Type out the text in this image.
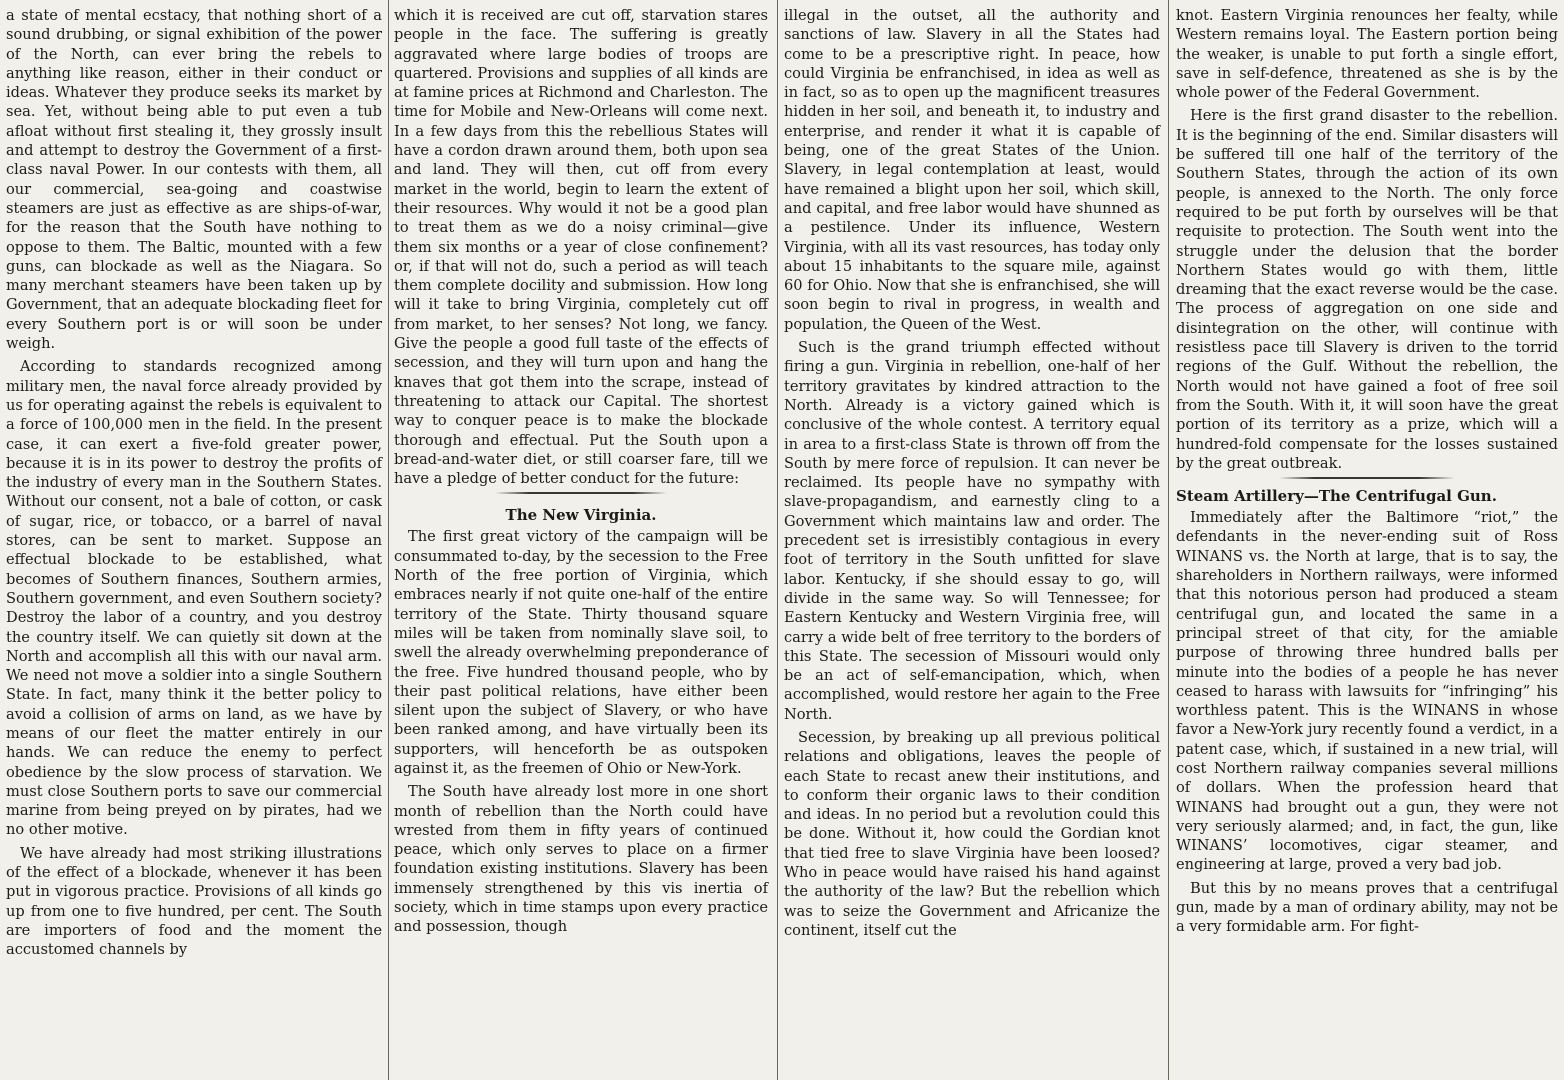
a state of mental ecstacy, that nothing short of a sound drubbing, or signal exhibition of the power of the North, can ever bring the rebels to anything like reason, either in their conduct or ideas. Whatever they produce seeks its market by sea. Yet, without being able to put even a tub afloat without first stealing it, they grossly insult and attempt to destroy the Government of a first-class naval Power. In our contests with them, all our commercial, sea-going and coastwise steamers are just as effective as are ships-of-war, for the reason that the South have nothing to oppose to them. The Baltic, mounted with a few guns, can blockade as well as the Niagara. So many merchant steamers have been taken up by Government, that an adequate blockading fleet for every Southern port is or will soon be under weigh.

According to standards recognized among military men, the naval force already provided by us for operating against the rebels is equivalent to a force of 100,000 men in the field. In the present case, it can exert a five-fold greater power, because it is in its power to destroy the profits of the industry of every man in the Southern States. Without our consent, not a bale of cotton, or cask of sugar, rice, or tobacco, or a barrel of naval stores, can be sent to market. Suppose an effectual blockade to be established, what becomes of Southern finances, Southern armies, Southern government, and even Southern society? Destroy the labor of a country, and you destroy the country itself. We can quietly sit down at the North and accomplish all this with our naval arm. We need not move a soldier into a single Southern State. In fact, many think it the better policy to avoid a collision of arms on land, as we have by means of our fleet the matter entirely in our hands. We can reduce the enemy to perfect obedience by the slow process of starvation. We must close Southern ports to save our commercial marine from being preyed on by pirates, had we no other motive.

We have already had most striking illustrations of the effect of a blockade, whenever it has been put in vigorous practice. Provisions of all kinds go up from one to five hundred, per cent. The South are importers of food and the moment the accustomed channels by

which it is received are cut off, starvation stares people in the face. The suffering is greatly aggravated where large bodies of troops are quartered. Provisions and supplies of all kinds are at famine prices at Richmond and Charleston. The time for Mobile and New-Orleans will come next. In a few days from this the rebellious States will have a cordon drawn around them, both upon sea and land. They will then, cut off from every market in the world, begin to learn the extent of their resources. Why would it not be a good plan to treat them as we do a noisy criminal—give them six months or a year of close confinement? or, if that will not do, such a period as will teach them complete docility and submission. How long will it take to bring Virginia, completely cut off from market, to her senses? Not long, we fancy. Give the people a good full taste of the effects of secession, and they will turn upon and hang the knaves that got them into the scrape, instead of threatening to attack our Capital. The shortest way to conquer peace is to make the blockade thorough and effectual. Put the South upon a bread-and-water diet, or still coarser fare, till we have a pledge of better conduct for the future:

The New Virginia.

The first great victory of the campaign will be consummated to-day, by the secession to the Free North of the free portion of Virginia, which embraces nearly if not quite one-half of the entire territory of the State. Thirty thousand square miles will be taken from nominally slave soil, to swell the already overwhelming preponderance of the free. Five hundred thousand people, who by their past political relations, have either been silent upon the subject of Slavery, or who have been ranked among, and have virtually been its supporters, will henceforth be as outspoken against it, as the freemen of Ohio or New-York.

The South have already lost more in one short month of rebellion than the North could have wrested from them in fifty years of continued peace, which only serves to place on a firmer foundation existing institutions. Slavery has been immensely strengthened by this vis inertia of society, which in time stamps upon every practice and possession, though

illegal in the outset, all the authority and sanctions of law. Slavery in all the States had come to be a prescriptive right. In peace, how could Virginia be enfranchised, in idea as well as in fact, so as to open up the magnificent treasures hidden in her soil, and beneath it, to industry and enterprise, and render it what it is capable of being, one of the great States of the Union. Slavery, in legal contemplation at least, would have remained a blight upon her soil, which skill, and capital, and free labor would have shunned as a pestilence. Under its influence, Western Virginia, with all its vast resources, has today only about 15 inhabitants to the square mile, against 60 for Ohio. Now that she is enfranchised, she will soon begin to rival in progress, in wealth and population, the Queen of the West.

Such is the grand triumph effected without firing a gun. Virginia in rebellion, one-half of her territory gravitates by kindred attraction to the North. Already is a victory gained which is conclusive of the whole contest. A territory equal in area to a first-class State is thrown off from the South by mere force of repulsion. It can never be reclaimed. Its people have no sympathy with slave-propagandism, and earnestly cling to a Government which maintains law and order. The precedent set is irresistibly contagious in every foot of territory in the South unfitted for slave labor. Kentucky, if she should essay to go, will divide in the same way. So will Tennessee; for Eastern Kentucky and Western Virginia free, will carry a wide belt of free territory to the borders of this State. The secession of Missouri would only be an act of self-emancipation, which, when accomplished, would restore her again to the Free North.

Secession, by breaking up all previous political relations and obligations, leaves the people of each State to recast anew their institutions, and to conform their organic laws to their condition and ideas. In no period but a revolution could this be done. Without it, how could the Gordian knot that tied free to slave Virginia have been loosed? Who in peace would have raised his hand against the authority of the law? But the rebellion which was to seize the Government and Africanize the continent, itself cut the

knot. Eastern Virginia renounces her fealty, while Western remains loyal. The Eastern portion being the weaker, is unable to put forth a single effort, save in self-defence, threatened as she is by the whole power of the Federal Government.

Here is the first grand disaster to the rebellion. It is the beginning of the end. Similar disasters will be suffered till one half of the territory of the Southern States, through the action of its own people, is annexed to the North. The only force required to be put forth by ourselves will be that requisite to protection. The South went into the struggle under the delusion that the border Northern States would go with them, little dreaming that the exact reverse would be the case. The process of aggregation on one side and disintegration on the other, will continue with resistless pace till Slavery is driven to the torrid regions of the Gulf. Without the rebellion, the North would not have gained a foot of free soil from the South. With it, it will soon have the great portion of its territory as a prize, which will a hundred-fold compensate for the losses sustained by the great outbreak.

Steam Artillery—The Centrifugal Gun.

Immediately after the Baltimore “riot,” the defendants in the never-ending suit of Ross WINANS vs. the North at large, that is to say, the shareholders in Northern railways, were informed that this notorious person had produced a steam centrifugal gun, and located the same in a principal street of that city, for the amiable purpose of throwing three hundred balls per minute into the bodies of a people he has never ceased to harass with lawsuits for “infringing” his worthless patent. This is the WINANS in whose favor a New-York jury recently found a verdict, in a patent case, which, if sustained in a new trial, will cost Northern railway companies several millions of dollars. When the profession heard that WINANS had brought out a gun, they were not very seriously alarmed; and, in fact, the gun, like WINANS’ locomotives, cigar steamer, and engineering at large, proved a very bad job.

But this by no means proves that a centrifugal gun, made by a man of ordinary ability, may not be a very formidable arm. For fight-
